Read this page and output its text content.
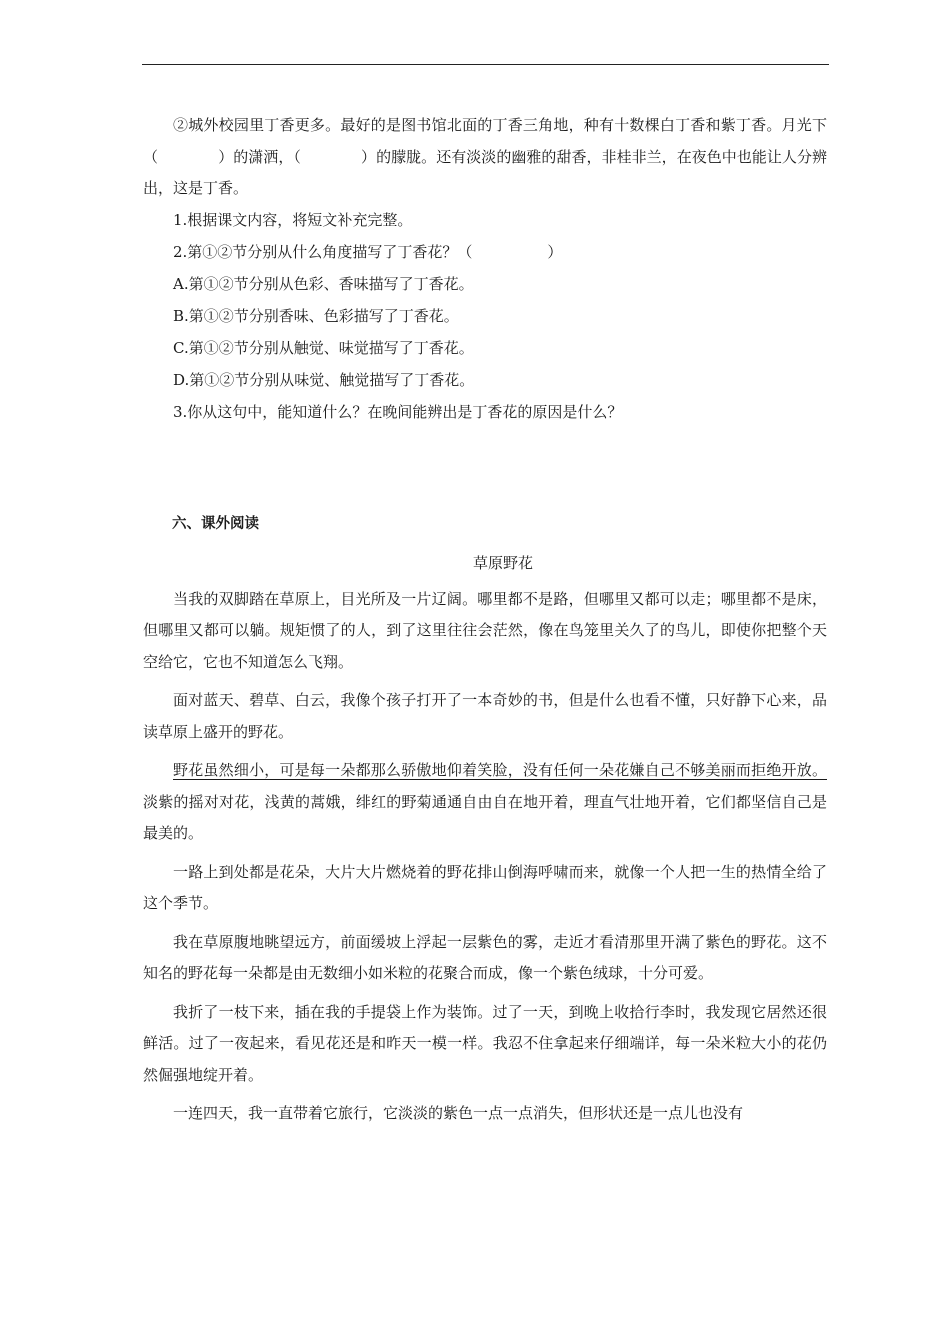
②城外校园里丁香更多。最好的是图书馆北面的丁香三角地，种有十数棵白丁香和紫丁香。月光下（　　　　	）的潇洒，（　　　　	）的朦胧。还有淡淡的幽雅的甜香，非桂非兰，在夜色中也能让人分辨出，这是丁香。

1.根据课文内容，将短文补充完整。

2.第①②节分别从什么角度描写了丁香花？（　　　　　）

A.第①②节分别从色彩、香味描写了丁香花。

B.第①②节分别香味、色彩描写了丁香花。

C.第①②节分别从触觉、味觉描写了丁香花。

D.第①②节分别从味觉、触觉描写了丁香花。

3.你从这句中，能知道什么？在晚间能辨出是丁香花的原因是什么？

六、课外阅读

草原野花

当我的双脚踏在草原上，目光所及一片辽阔。哪里都不是路，但哪里又都可以走；哪里都不是床，但哪里又都可以躺。规矩惯了的人，到了这里往往会茫然，像在鸟笼里关久了的鸟儿，即使你把整个天空给它，它也不知道怎么飞翔。

面对蓝天、碧草、白云，我像个孩子打开了一本奇妙的书，但是什么也看不懂，只好静下心来，品读草原上盛开的野花。

野花虽然细小，可是每一朵都那么骄傲地仰着笑脸，没有任何一朵花嫌自己不够美丽而拒绝开放。淡紫的摇对对花，浅黄的蒿娥，绯红的野菊通通自由自在地开着，理直气壮地开着，它们都坚信自己是最美的。

一路上到处都是花朵，大片大片燃烧着的野花排山倒海呼啸而来，就像一个人把一生的热情全给了这个季节。

我在草原腹地眺望远方，前面缓坡上浮起一层紫色的雾，走近才看清那里开满了紫色的野花。这不知名的野花每一朵都是由无数细小如米粒的花聚合而成，像一个紫色绒球，十分可爱。

我折了一枝下来，插在我的手提袋上作为装饰。过了一天，到晚上收拾行李时，我发现它居然还很鲜活。过了一夜起来，看见花还是和昨天一模一样。我忍不住拿起来仔细端详，每一朵米粒大小的花仍然倔强地绽开着。

一连四天，我一直带着它旅行，它淡淡的紫色一点一点消失，但形状还是一点儿也没有
